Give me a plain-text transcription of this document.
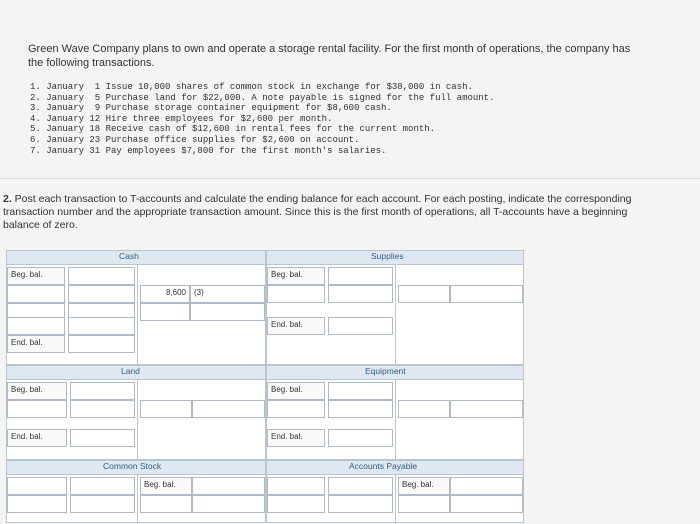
Green Wave Company plans to own and operate a storage rental facility. For the first month of operations, the company has the following transactions.
1. January  1 Issue 10,000 shares of common stock in exchange for $38,000 in cash.
2. January  5 Purchase land for $22,000. A note payable is signed for the full amount.
3. January  9 Purchase storage container equipment for $8,600 cash.
4. January 12 Hire three employees for $2,600 per month.
5. January 18 Receive cash of $12,600 in rental fees for the current month.
6. January 23 Purchase office supplies for $2,600 on account.
7. January 31 Pay employees $7,800 for the first month's salaries.
2. Post each transaction to T-accounts and calculate the ending balance for each account. For each posting, indicate the corresponding transaction number and the appropriate transaction amount. Since this is the first month of operations, all T-accounts have a beginning balance of zero.
Cash
Beg. bal.
8,600	(3)
End. bal.
Supplies
Beg. bal.
End. bal.
Land
Beg. bal.
End. bal.
Equipment
Beg. bal.
End. bal.
Common Stock
Beg. bal.
Accounts Payable
Beg. bal.
